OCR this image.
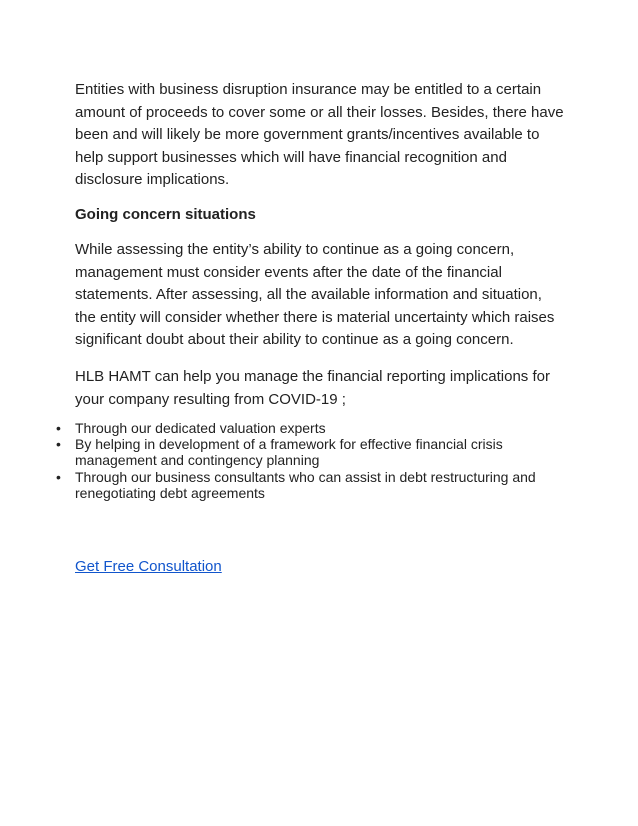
Entities with business disruption insurance may be entitled to a certain amount of proceeds to cover some or all their losses. Besides, there have been and will likely be more government grants/incentives available to help support businesses which will have financial recognition and disclosure implications.

Going concern situations

While assessing the entity’s ability to continue as a going concern, management must consider events after the date of the financial statements. After assessing, all the available information and situation, the entity will consider whether there is material uncertainty which raises significant doubt about their ability to continue as a going concern.

HLB HAMT can help you manage the financial reporting implications for your company resulting from COVID-19 ;

• Through our dedicated valuation experts
• By helping in development of a framework for effective financial crisis management and contingency planning
• Through our business consultants who can assist in debt restructuring and renegotiating debt agreements
Get Free Consultation
